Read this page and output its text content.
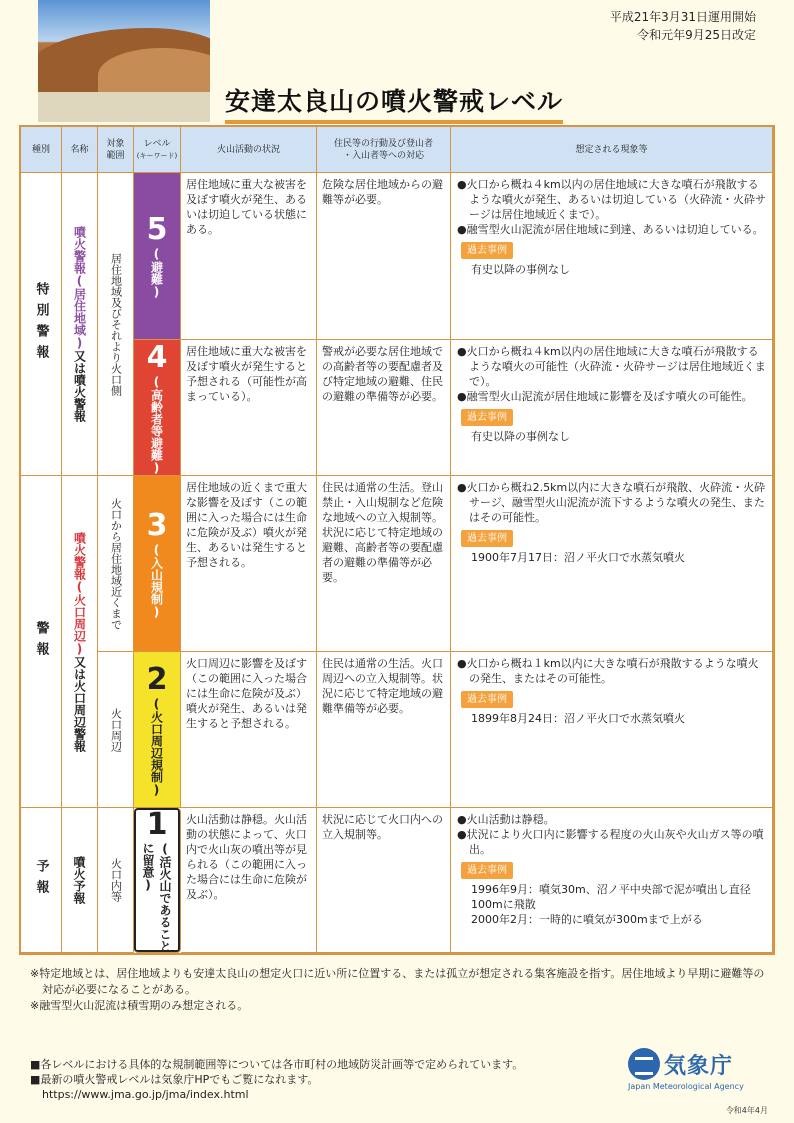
平成21年3月31日運用開始
令和元年9月25日改定
安達太良山の噴火警戒レベル
種別	名称
対象
範囲
レベル
(キーワード)
火山活動の状況
住民等の行動及び登山者
・入山者等への対応
想定される現象等
特別警報
警報
予報
噴火警報(居住地域)又は噴火警報
噴火警報(火口周辺)又は火口周辺警報
噴火予報
居住地域及びそれより火口側
火口から居住地域近くまで
火口周辺
火口内等
5
(避難)
居住地域に重大な被害を及ぼす噴火が発生、あるいは切迫している状態にある。
危険な居住地域からの避難等が必要。
●火口から概ね４km以内の居住地域に大きな噴石が飛散するような噴火が発生、あるいは切迫している（火砕流・火砕サージは居住地域近くまで）。
●融雪型火山泥流が居住地域に到達、あるいは切迫している。
過去事例
有史以降の事例なし
4
(高齢者等避難)
居住地域に重大な被害を及ぼす噴火が発生すると予想される（可能性が高まっている）。
警戒が必要な居住地域での高齢者等の要配慮者及び特定地域の避難、住民の避難の準備等が必要。
●火口から概ね４km以内の居住地域に大きな噴石が飛散するような噴火の可能性（火砕流・火砕サージは居住地域近くまで）。
●融雪型火山泥流が居住地域に影響を及ぼす噴火の可能性。
過去事例
有史以降の事例なし
3
(入山規制)
居住地域の近くまで重大な影響を及ぼす（この範囲に入った場合には生命に危険が及ぶ）噴火が発生、あるいは発生すると予想される。
住民は通常の生活。登山禁止・入山規制など危険な地域への立入規制等。状況に応じて特定地域の避難、高齢者等の要配慮者の避難の準備等が必要。
●火口から概ね2.5km以内に大きな噴石が飛散、火砕流・火砕サージ、融雪型火山泥流が流下するような噴火の発生、またはその可能性。
過去事例
1900年7月17日：沼ノ平火口で水蒸気噴火
2
(火口周辺規制)
火口周辺に影響を及ぼす（この範囲に入った場合には生命に危険が及ぶ）噴火が発生、あるいは発生すると予想される。
住民は通常の生活。火口周辺への立入規制等。状況に応じて特定地域の避難準備等が必要。
●火口から概ね１km以内に大きな噴石が飛散するような噴火の発生、またはその可能性。
過去事例
1899年8月24日：沼ノ平火口で水蒸気噴火
1
(活火山であることに留意)
火山活動は静穏。火山活動の状態によって、火口内で火山灰の噴出等が見られる（この範囲に入った場合には生命に危険が及ぶ）。
状況に応じて火口内への立入規制等。
●火山活動は静穏。
●状況により火口内に影響する程度の火山灰や火山ガス等の噴出。
過去事例
1996年9月：噴気30m、沼ノ平中央部で泥が噴出し直径100mに飛散
2000年2月：一時的に噴気が300mまで上がる
※特定地域とは、居住地域よりも安達太良山の想定火口に近い所に位置する、または孤立が想定される集客施設を指す。居住地域より早期に避難等の対応が必要になることがある。
※融雪型火山泥流は積雪期のみ想定される。
■各レベルにおける具体的な規制範囲等については各市町村の地域防災計画等で定められています。
■最新の噴火警戒レベルは気象庁HPでもご覧になれます。
https://www.jma.go.jp/jma/index.html
気象庁
Japan Meteorological Agency
令和4年4月
